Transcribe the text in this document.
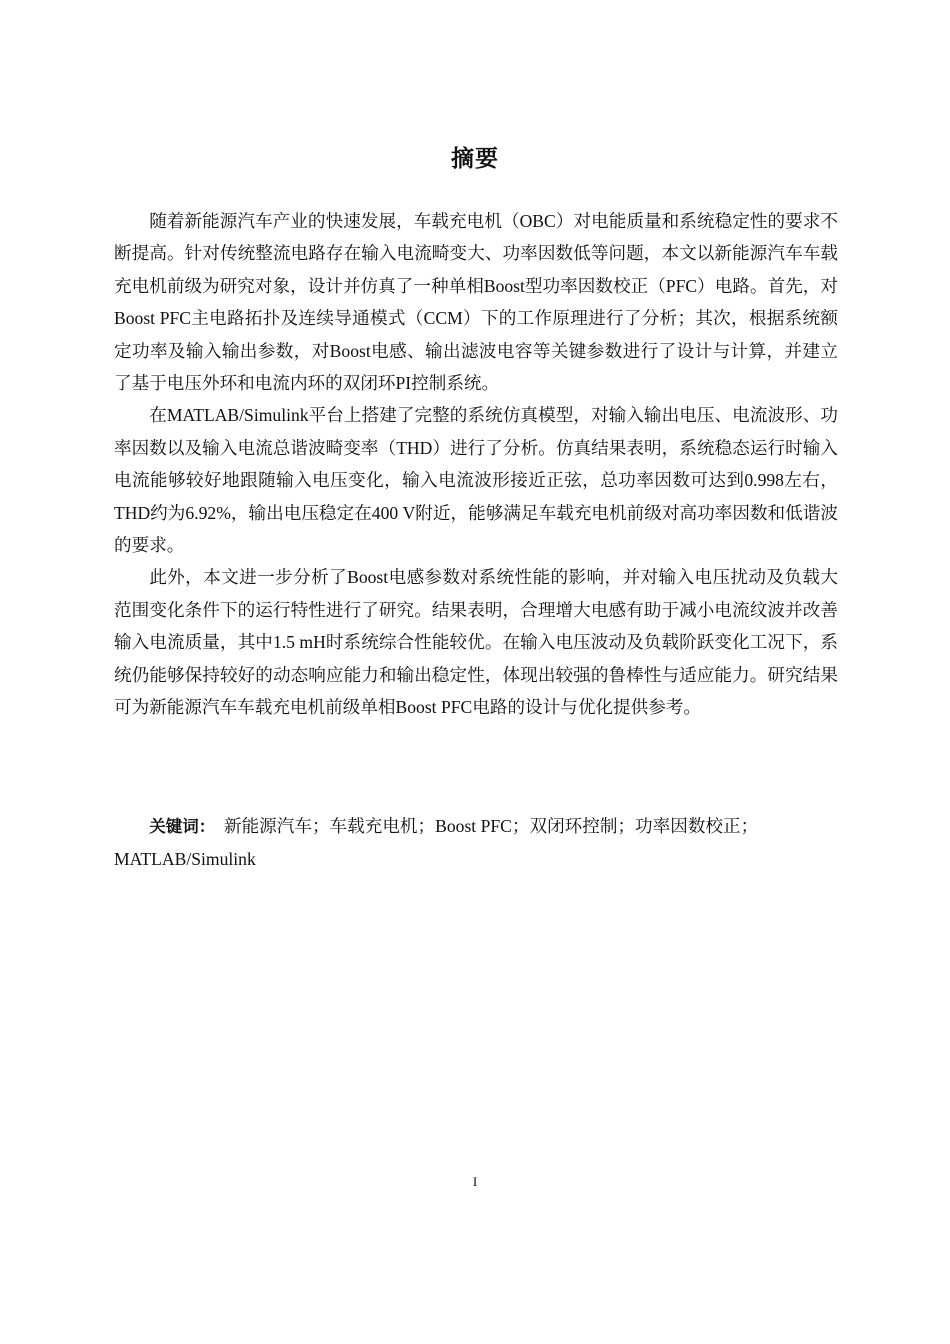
摘要

随着新能源汽车产业的快速发展，车载充电机（OBC）对电能质量和系统稳定性的要求不断提高。针对传统整流电路存在输入电流畸变大、功率因数低等问题，本文以新能源汽车车载充电机前级为研究对象，设计并仿真了一种单相Boost型功率因数校正（PFC）电路。首先，对Boost PFC主电路拓扑及连续导通模式（CCM）下的工作原理进行了分析；其次，根据系统额定功率及输入输出参数，对Boost电感、输出滤波电容等关键参数进行了设计与计算，并建立了基于电压外环和电流内环的双闭环PI控制系统。

在MATLAB/Simulink平台上搭建了完整的系统仿真模型，对输入输出电压、电流波形、功率因数以及输入电流总谐波畸变率（THD）进行了分析。仿真结果表明，系统稳态运行时输入电流能够较好地跟随输入电压变化，输入电流波形接近正弦，总功率因数可达到0.998左右，THD约为6.92%，输出电压稳定在400 V附近，能够满足车载充电机前级对高功率因数和低谐波的要求。

此外，本文进一步分析了Boost电感参数对系统性能的影响，并对输入电压扰动及负载大范围变化条件下的运行特性进行了研究。结果表明，合理增大电感有助于减小电流纹波并改善输入电流质量，其中1.5 mH时系统综合性能较优。在输入电压波动及负载阶跃变化工况下，系统仍能够保持较好的动态响应能力和输出稳定性，体现出较强的鲁棒性与适应能力。研究结果可为新能源汽车车载充电机前级单相Boost PFC电路的设计与优化提供参考。

关键词： 新能源汽车；车载充电机；Boost PFC；双闭环控制；功率因数校正；MATLAB/Simulink
I
